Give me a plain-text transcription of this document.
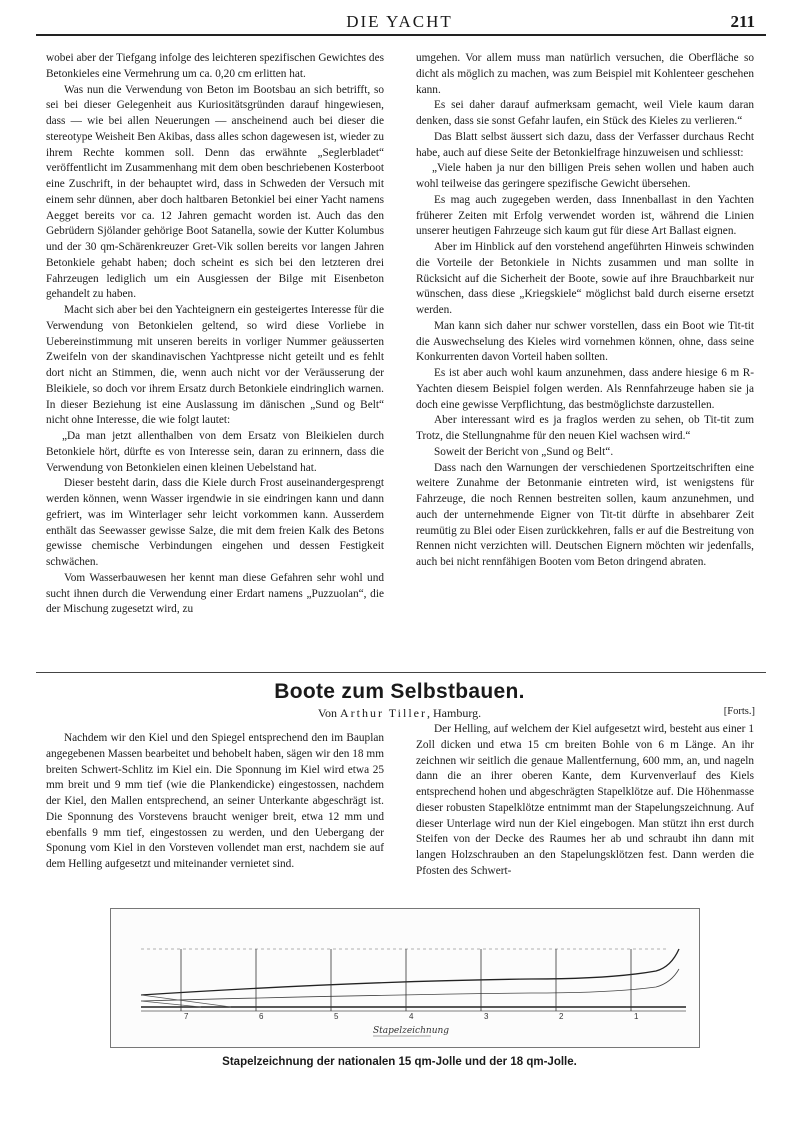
DIE YACHT	211

wobei aber der Tiefgang infolge des leichteren spezifischen Gewichtes des Betonkieles eine Vermehrung um ca. 0,20 cm erlitten hat.

Was nun die Verwendung von Beton im Bootsbau an sich betrifft, so sei bei dieser Gelegenheit aus Kuriositätsgründen darauf hingewiesen, dass — wie bei allen Neuerungen — anscheinend auch bei dieser die stereotype Weisheit Ben Akibas, dass alles schon dagewesen ist, wieder zu ihrem Rechte kommen soll. Denn das erwähnte „Seglerbladet“ veröffentlicht im Zusammenhang mit dem oben beschriebenen Kosterboot eine Zuschrift, in der behauptet wird, dass in Schweden der Versuch mit einem sehr dünnen, aber doch haltbaren Betonkiel bei einer Yacht namens Aegget bereits vor ca. 12 Jahren gemacht worden ist. Auch das den Gebrüdern Sjölander gehörige Boot Satanella, sowie der Kutter Kolumbus und der 30 qm-Schärenkreuzer Gret-Vik sollen bereits vor langen Jahren Betonkiele gehabt haben; doch scheint es sich bei den letzteren drei Fahrzeugen lediglich um ein Ausgiessen der Bilge mit Eisenbeton gehandelt zu haben.

Macht sich aber bei den Yachteignern ein gesteigertes Interesse für die Verwendung von Betonkielen geltend, so wird diese Vorliebe in Uebereinstimmung mit unseren bereits in vorliger Nummer geäusserten Zweifeln von der skandinavischen Yachtpresse nicht geteilt und es fehlt dort nicht an Stimmen, die, wenn auch nicht vor der Veräusserung der Bleikiele, so doch vor ihrem Ersatz durch Betonkiele eindringlich warnen. In dieser Beziehung ist eine Auslassung im dänischen „Sund og Belt“ nicht ohne Interesse, die wie folgt lautet:

„Da man jetzt allenthalben von dem Ersatz von Bleikielen durch Betonkiele hört, dürfte es von Interesse sein, daran zu erinnern, dass die Verwendung von Betonkielen einen kleinen Uebelstand hat.

Dieser besteht darin, dass die Kiele durch Frost auseinandergesprengt werden können, wenn Wasser irgendwie in sie eindringen kann und dann gefriert, was im Winterlager sehr leicht vorkommen kann. Ausserdem enthält das Seewasser gewisse Salze, die mit dem freien Kalk des Betons gewisse chemische Verbindungen eingehen und dessen Festigkeit schwächen.

Vom Wasserbauwesen her kennt man diese Gefahren sehr wohl und sucht ihnen durch die Verwendung einer Erdart namens „Puzzuolan“, die der Mischung zugesetzt wird, zu

umgehen. Vor allem muss man natürlich versuchen, die Oberfläche so dicht als möglich zu machen, was zum Beispiel mit Kohlenteer geschehen kann.

Es sei daher darauf aufmerksam gemacht, weil Viele kaum daran denken, dass sie sonst Gefahr laufen, ein Stück des Kieles zu verlieren.“

Das Blatt selbst äussert sich dazu, dass der Verfasser durchaus Recht habe, auch auf diese Seite der Betonkielfrage hinzuweisen und schliesst:

„Viele haben ja nur den billigen Preis sehen wollen und haben auch wohl teilweise das geringere spezifische Gewicht übersehen.

Es mag auch zugegeben werden, dass Innenballast in den Yachten früherer Zeiten mit Erfolg verwendet worden ist, während die Linien unserer heutigen Fahrzeuge sich kaum gut für diese Art Ballast eignen.

Aber im Hinblick auf den vorstehend angeführten Hinweis schwinden die Vorteile der Betonkiele in Nichts zusammen und man sollte in Rücksicht auf die Sicherheit der Boote, sowie auf ihre Brauchbarkeit nur wünschen, dass diese „Kriegskiele“ möglichst bald durch eiserne ersetzt werden.

Man kann sich daher nur schwer vorstellen, dass ein Boot wie Tit-tit die Auswechselung des Kieles wird vornehmen können, ohne, dass seine Konkurrenten davon Vorteil haben sollten.

Es ist aber auch wohl kaum anzunehmen, dass andere hiesige 6 m R-Yachten diesem Beispiel folgen werden. Als Rennfahrzeuge haben sie ja doch eine gewisse Verpflichtung, das bestmöglichste darzustellen.

Aber interessant wird es ja fraglos werden zu sehen, ob Tit-tit zum Trotz, die Stellungnahme für den neuen Kiel wachsen wird.“

Soweit der Bericht von „Sund og Belt“.

Dass nach den Warnungen der verschiedenen Sportzeitschriften eine weitere Zunahme der Betonmanie eintreten wird, ist wenigstens für Fahrzeuge, die noch Rennen bestreiten sollen, kaum anzunehmen, und auch der unternehmende Eigner von Tit-tit dürfte in absehbarer Zeit reumütig zu Blei oder Eisen zurückkehren, falls er auf die Bestreitung von Rennen nicht verzichten will. Deutschen Eignern möchten wir jedenfalls, auch bei nicht rennfähigen Booten vom Beton dringend abraten.

Boote zum Selbstbauen.
Von Arthur Tiller, Hamburg.	[Forts.]

Nachdem wir den Kiel und den Spiegel entsprechend den im Bauplan angegebenen Massen bearbeitet und behobelt haben, sägen wir den 18 mm breiten Schwert-Schlitz im Kiel ein. Die Sponnung im Kiel wird etwa 25 mm breit und 9 mm tief (wie die Plankendicke) eingestossen, nachdem der Kiel, den Mallen entsprechend, an seiner Unterkante abgeschrägt ist. Die Sponnung des Vorstevens braucht weniger breit, etwa 12 mm und ebenfalls 9 mm tief, eingestossen zu werden, und den Uebergang der Sponung vom Kiel in den Vorsteven vollendet man erst, nachdem sie auf dem Helling aufgesetzt und miteinander vernietet sind.

Der Helling, auf welchem der Kiel aufgesetzt wird, besteht aus einer 1 Zoll dicken und etwa 15 cm breiten Bohle von 6 m Länge. An ihr zeichnen wir seitlich die genaue Mallentfernung, 600 mm, an, und nageln dann die an ihrer oberen Kante, dem Kurvenverlauf des Kiels entsprechend hohen und abgeschrägten Stapelklötze auf. Die Höhenmasse dieser robusten Stapelklötze entnimmt man der Stapelungszeichnung. Auf dieser Unterlage wird nun der Kiel eingebogen. Man stützt ihn erst durch Steifen von der Decke des Raumes her ab und schraubt ihn dann mit langen Holzschrauben an den Stapelungsklötzen fest. Dann werden die Pfosten des Schwert-

7	6	5	4	3	2	1
Stapelzeichnung
Stapelzeichnung der nationalen 15 qm-Jolle und der 18 qm-Jolle.
